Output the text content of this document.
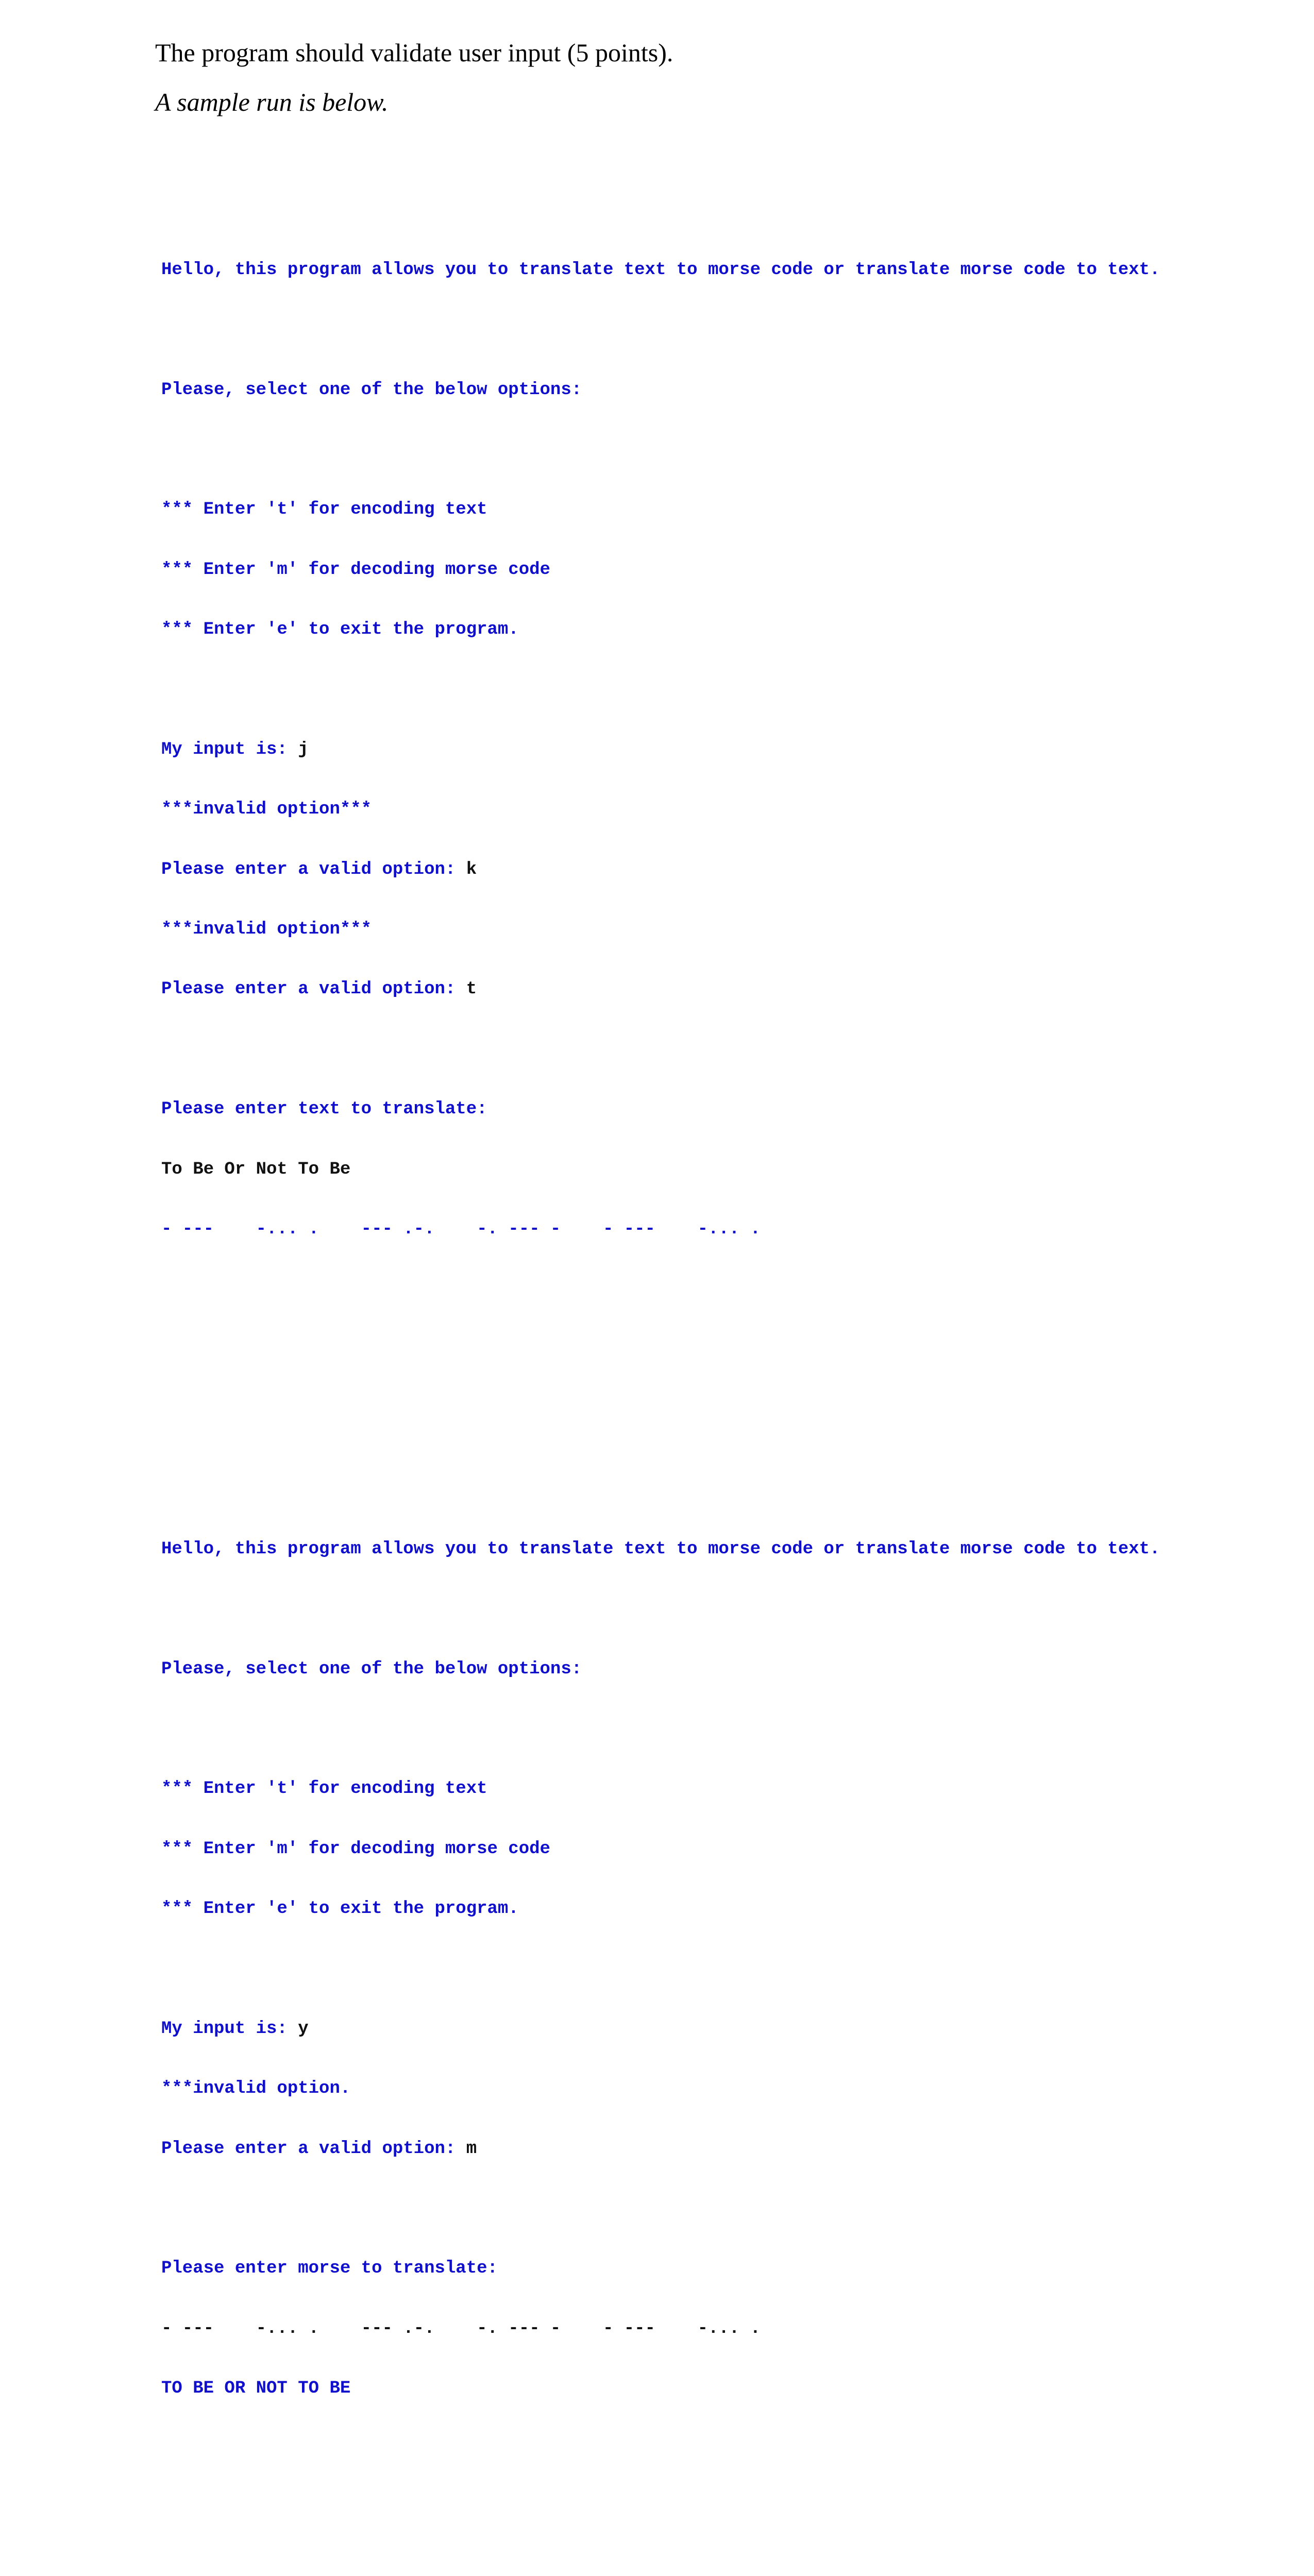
The program should validate user input (5 points).

A sample run is below.

Hello, this program allows you to translate text to morse code or translate morse code to text.

Please, select one of the below options:

*** Enter 't' for encoding text

*** Enter 'm' for decoding morse code

*** Enter 'e' to exit the program.

My input is: j

***invalid option***

Please enter a valid option: k

***invalid option***

Please enter a valid option: t

Please enter text to translate:

To Be Or Not To Be

- ---    -... .    --- .-.    -. --- -    - ---    -... .

Hello, this program allows you to translate text to morse code or translate morse code to text.

Please, select one of the below options:

*** Enter 't' for encoding text

*** Enter 'm' for decoding morse code

*** Enter 'e' to exit the program.

My input is: y

***invalid option.

Please enter a valid option: m

Please enter morse to translate:

- ---    -... .    --- .-.    -. --- -    - ---    -... .

TO BE OR NOT TO BE
